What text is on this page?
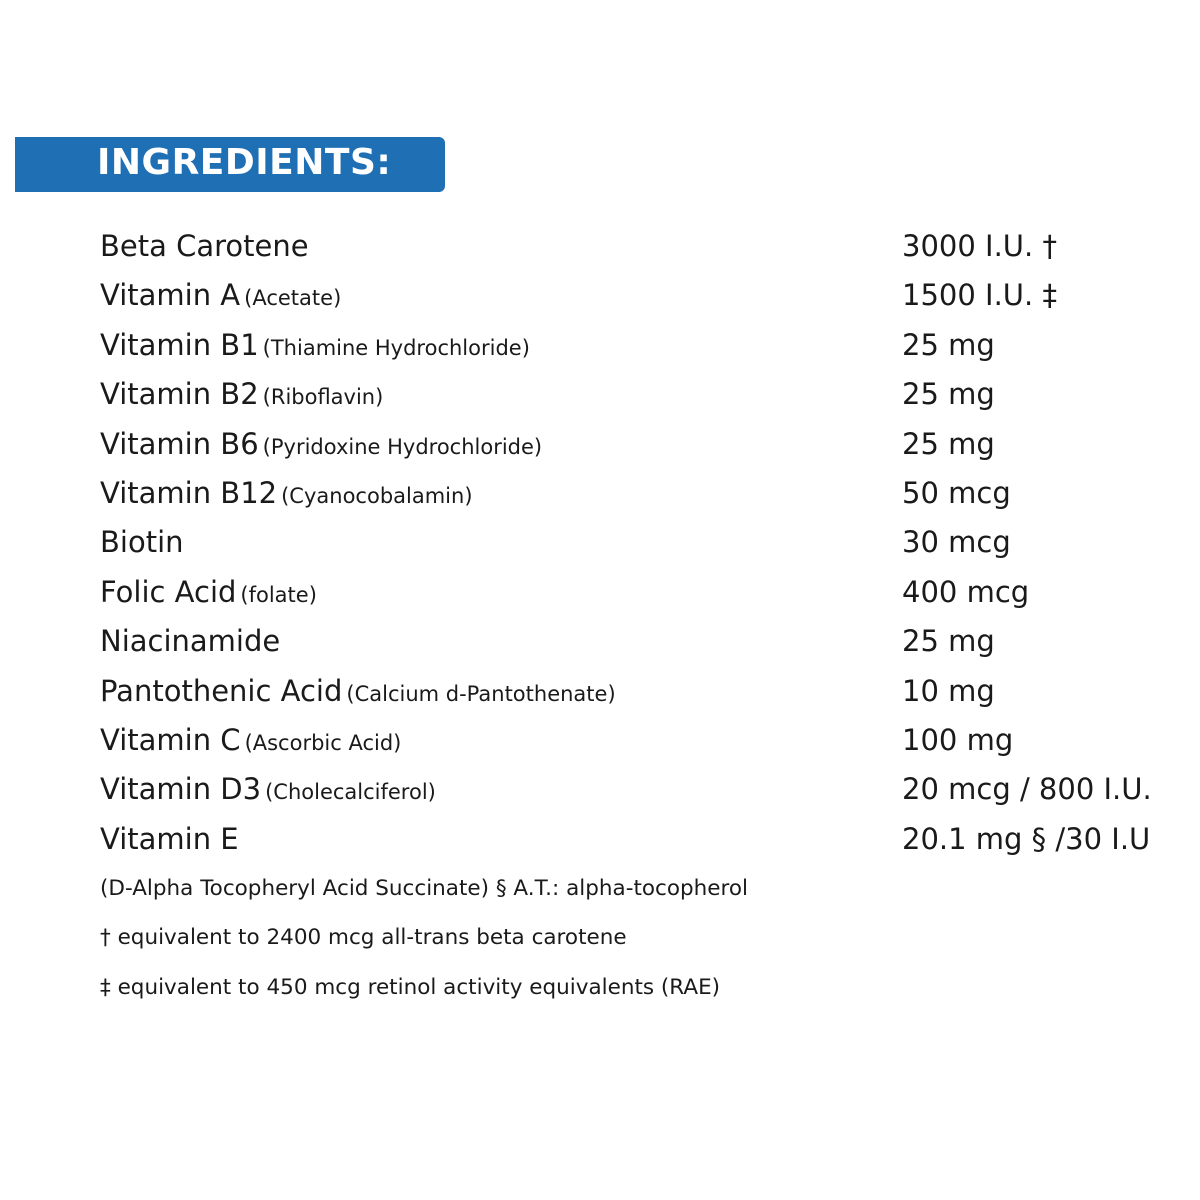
INGREDIENTS:
Beta Carotene	3000 I.U. †
Vitamin A (Acetate)	1500 I.U. ‡
Vitamin B1 (Thiamine Hydrochloride)	25 mg
Vitamin B2 (Riboflavin)	25 mg
Vitamin B6 (Pyridoxine Hydrochloride)	25 mg
Vitamin B12 (Cyanocobalamin)	50 mcg
Biotin	30 mcg
Folic Acid (folate)	400 mcg
Niacinamide	25 mg
Pantothenic Acid (Calcium d-Pantothenate)	10 mg
Vitamin C (Ascorbic Acid)	100 mg
Vitamin D3 (Cholecalciferol)	20 mcg / 800 I.U.
Vitamin E	20.1 mg § /30 I.U
(D-Alpha Tocopheryl Acid Succinate) § A.T.: alpha-tocopherol
† equivalent to 2400 mcg all-trans beta carotene
‡ equivalent to 450 mcg retinol activity equivalents (RAE)
